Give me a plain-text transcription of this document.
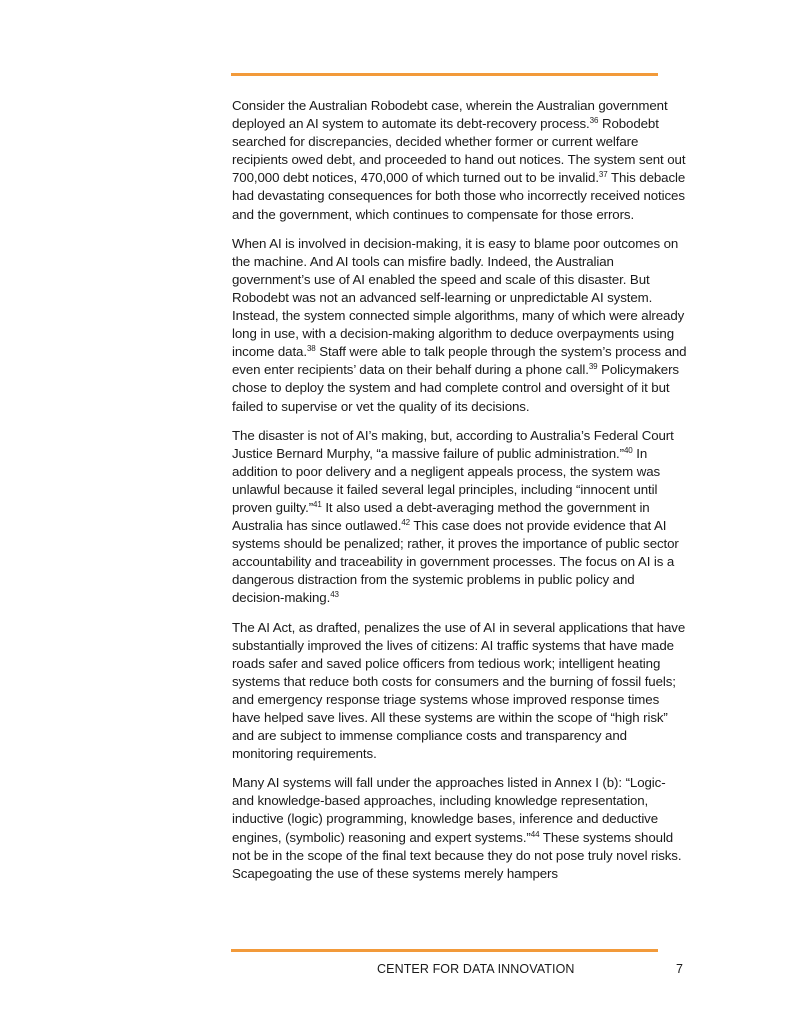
Consider the Australian Robodebt case, wherein the Australian government deployed an AI system to automate its debt-recovery process.$^{36}$ Robodebt searched for discrepancies, decided whether former or current welfare recipients owed debt, and proceeded to hand out notices. The system sent out 700,000 debt notices, 470,000 of which turned out to be invalid.$^{37}$ This debacle had devastating consequences for both those who incorrectly received notices and the government, which continues to compensate for those errors.

When AI is involved in decision-making, it is easy to blame poor outcomes on the machine. And AI tools can misfire badly. Indeed, the Australian government’s use of AI enabled the speed and scale of this disaster. But Robodebt was not an advanced self-learning or unpredictable AI system. Instead, the system connected simple algorithms, many of which were already long in use, with a decision-making algorithm to deduce overpayments using income data.$^{38}$ Staff were able to talk people through the system’s process and even enter recipients’ data on their behalf during a phone call.$^{39}$ Policymakers chose to deploy the system and had complete control and oversight of it but failed to supervise or vet the quality of its decisions.

The disaster is not of AI’s making, but, according to Australia’s Federal Court Justice Bernard Murphy, “a massive failure of public administration.”$^{40}$ In addition to poor delivery and a negligent appeals process, the system was unlawful because it failed several legal principles, including “innocent until proven guilty.”$^{41}$ It also used a debt-averaging method the government in Australia has since outlawed.$^{42}$ This case does not provide evidence that AI systems should be penalized; rather, it proves the importance of public sector accountability and traceability in government processes. The focus on AI is a dangerous distraction from the systemic problems in public policy and decision-making.$^{43}$

The AI Act, as drafted, penalizes the use of AI in several applications that have substantially improved the lives of citizens: AI traffic systems that have made roads safer and saved police officers from tedious work; intelligent heating systems that reduce both costs for consumers and the burning of fossil fuels; and emergency response triage systems whose improved response times have helped save lives. All these systems are within the scope of “high risk” and are subject to immense compliance costs and transparency and monitoring requirements.

Many AI systems will fall under the approaches listed in Annex I (b): “Logic- and knowledge-based approaches, including knowledge representation, inductive (logic) programming, knowledge bases, inference and deductive engines, (symbolic) reasoning and expert systems.”$^{44}$ These systems should not be in the scope of the final text because they do not pose truly novel risks. Scapegoating the use of these systems merely hampers

CENTER FOR DATA INNOVATION	7
